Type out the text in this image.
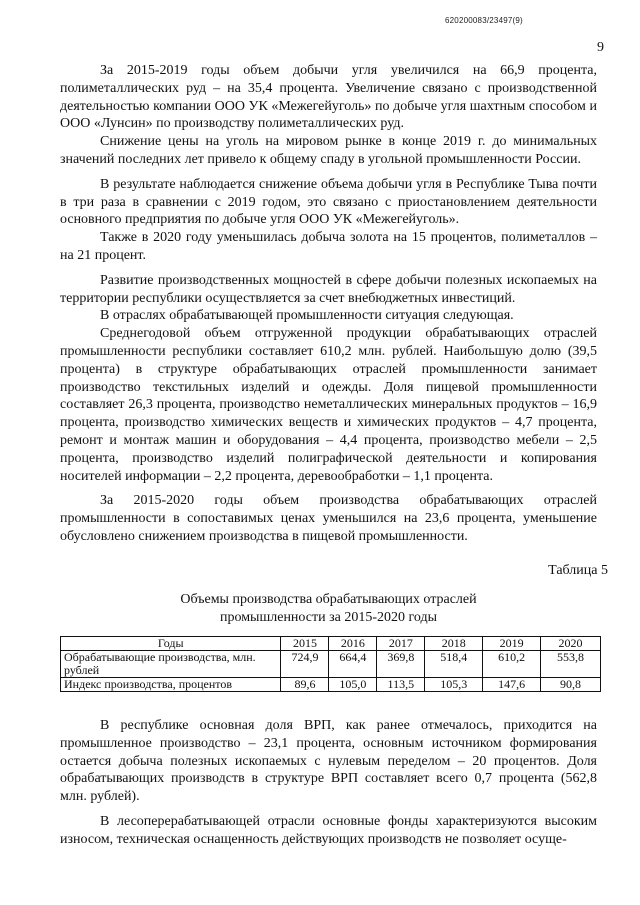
620200083/23497(9)
9

За 2015-2019 годы объем добычи угля увеличился на 66,9 процента, полиметаллических руд – на 35,4 процента. Увеличение связано с производственной деятельностью компании ООО УК «Межегейуголь» по добыче угля шахтным способом и ООО «Лунсин» по производству полиметаллических руд.

Снижение цены на уголь на мировом рынке в конце 2019 г. до минимальных значений последних лет привело к общему спаду в угольной промышленности России.

В результате наблюдается снижение объема добычи угля в Республике Тыва почти в три раза в сравнении с 2019 годом, это связано с приостановлением деятельности основного предприятия по добыче угля ООО УК «Межегейуголь».

Также в 2020 году уменьшилась добыча золота на 15 процентов, полиметаллов – на 21 процент.

Развитие производственных мощностей в сфере добычи полезных ископаемых на территории республики осуществляется за счет внебюджетных инвестиций.

В отраслях обрабатывающей промышленности ситуация следующая.

Среднегодовой объем отгруженной продукции обрабатывающих отраслей промышленности республики составляет 610,2 млн. рублей. Наибольшую долю (39,5 процента) в структуре обрабатывающих отраслей промышленности занимает производство текстильных изделий и одежды. Доля пищевой промышленности составляет 26,3 процента, производство неметаллических минеральных продуктов – 16,9 процента, производство химических веществ и химических продуктов – 4,7 процента, ремонт и монтаж машин и оборудования – 4,4 процента, производство мебели – 2,5 процента, производство изделий полиграфической деятельности и копирования носителей информации – 2,2 процента, деревообработки – 1,1 процента.

За 2015-2020 годы объем производства обрабатывающих отраслей промышленности в сопоставимых ценах уменьшился на 23,6 процента, уменьшение обусловлено снижением производства в пищевой промышленности.

Таблица 5
Объемы производства обрабатывающих отраслей
промышленности за 2015-2020 годы
Годы	2015	2016	2017	2018	2019	2020
Обрабатывающие производства, млн. рублей	724,9	664,4	369,8	518,4	610,2	553,8
Индекс производства, процентов	89,6	105,0	113,5	105,3	147,6	90,8

В республике основная доля ВРП, как ранее отмечалось, приходится на промышленное производство – 23,1 процента, основным источником формирования остается добыча полезных ископаемых с нулевым переделом – 20 процентов. Доля обрабатывающих производств в структуре ВРП составляет всего 0,7 процента (562,8 млн. рублей).

В лесоперерабатывающей отрасли основные фонды характеризуются высоким износом, техническая оснащенность действующих производств не позволяет осуще-
